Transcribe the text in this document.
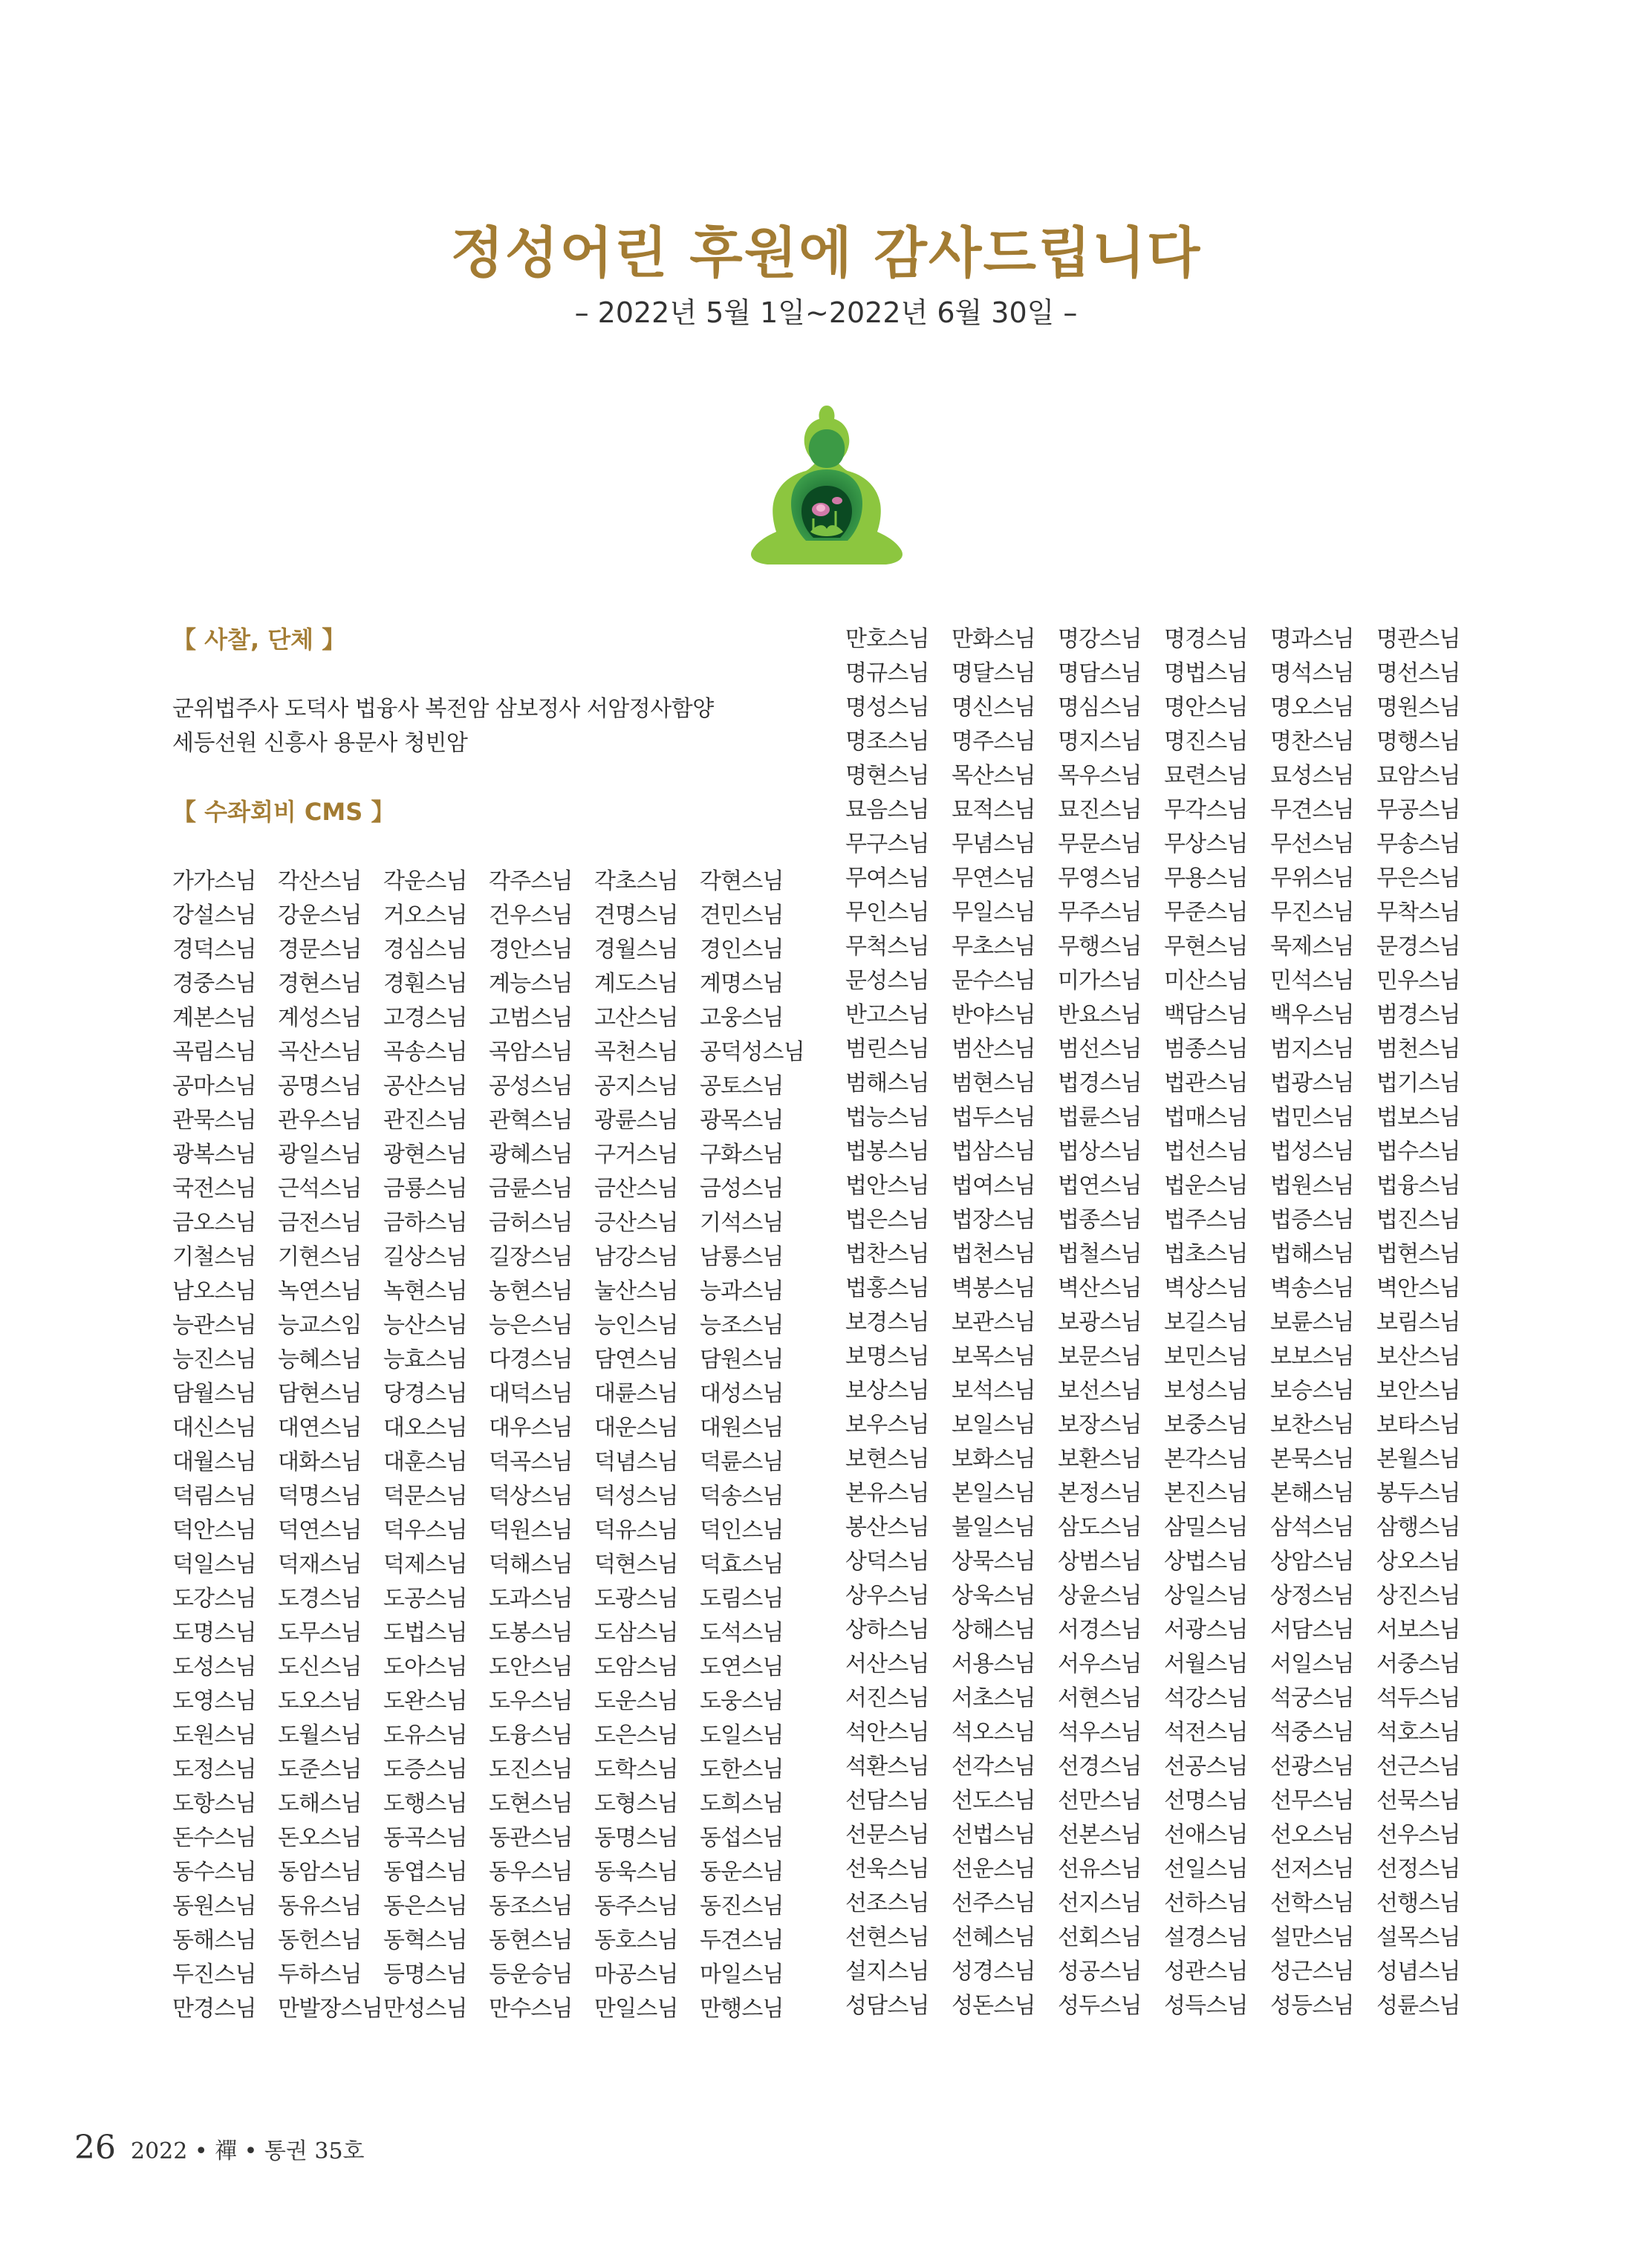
정성어린 후원에 감사드립니다
– 2022년 5월 1일~2022년 6월 30일 –
【 사찰, 단체 】
군위법주사 도덕사 법융사 복전암 삼보정사 서암정사함양
세등선원 신흥사 용문사 청빈암
【 수좌회비 CMS 】
가가스님 각산스님 각운스님 각주스님 각초스님 각현스님
강설스님 강운스님 거오스님 건우스님 견명스님 견민스님
경덕스님 경문스님 경심스님 경안스님 경월스님 경인스님
경중스님 경현스님 경훤스님 계능스님 계도스님 계명스님
계본스님 계성스님 고경스님 고범스님 고산스님 고웅스님
곡림스님 곡산스님 곡송스님 곡암스님 곡천스님 공덕성스님
공마스님 공명스님 공산스님 공성스님 공지스님 공토스님
관묵스님 관우스님 관진스님 관혁스님 광륜스님 광목스님
광복스님 광일스님 광현스님 광혜스님 구거스님 구화스님
국전스님 근석스님 금룡스님 금륜스님 금산스님 금성스님
금오스님 금전스님 금하스님 금허스님 긍산스님 기석스님
기철스님 기현스님 길상스님 길장스님 남강스님 남룡스님
남오스님 녹연스님 녹현스님 농현스님 눌산스님 능과스님
능관스님 능교스임 능산스님 능은스님 능인스님 능조스님
능진스님 능혜스님 능효스님 다경스님 담연스님 담원스님
담월스님 담현스님 당경스님 대덕스님 대륜스님 대성스님
대신스님 대연스님 대오스님 대우스님 대운스님 대원스님
대월스님 대화스님 대훈스님 덕곡스님 덕념스님 덕륜스님
덕림스님 덕명스님 덕문스님 덕상스님 덕성스님 덕송스님
덕안스님 덕연스님 덕우스님 덕원스님 덕유스님 덕인스님
덕일스님 덕재스님 덕제스님 덕해스님 덕현스님 덕효스님
도강스님 도경스님 도공스님 도과스님 도광스님 도림스님
도명스님 도무스님 도법스님 도봉스님 도삼스님 도석스님
도성스님 도신스님 도아스님 도안스님 도암스님 도연스님
도영스님 도오스님 도완스님 도우스님 도운스님 도웅스님
도원스님 도월스님 도유스님 도융스님 도은스님 도일스님
도정스님 도준스님 도증스님 도진스님 도학스님 도한스님
도항스님 도해스님 도행스님 도현스님 도형스님 도희스님
돈수스님 돈오스님 동곡스님 동관스님 동명스님 동섭스님
동수스님 동암스님 동엽스님 동우스님 동욱스님 동운스님
동원스님 동유스님 동은스님 동조스님 동주스님 동진스님
동해스님 동헌스님 동혁스님 동현스님 동호스님 두견스님
두진스님 두하스님 등명스님 등운승님 마공스님 마일스님
만경스님 만발장스님 만성스님 만수스님 만일스님 만행스님
만호스님	만화스님	명강스님	명경스님	명과스님	명관스님
명규스님	명달스님	명담스님	명법스님	명석스님	명선스님
명성스님	명신스님	명심스님	명안스님	명오스님	명원스님
명조스님	명주스님	명지스님	명진스님	명찬스님	명행스님
명현스님	목산스님	목우스님	묘련스님	묘성스님	묘암스님
묘음스님	묘적스님	묘진스님	무각스님	무견스님	무공스님
무구스님	무념스님	무문스님	무상스님	무선스님	무송스님
무여스님	무연스님	무영스님	무용스님	무위스님	무은스님
무인스님	무일스님	무주스님	무준스님	무진스님	무착스님
무척스님	무초스님	무행스님	무현스님	묵제스님	문경스님
문성스님	문수스님	미가스님	미산스님	민석스님	민우스님
반고스님	반야스님	반요스님	백담스님	백우스님	범경스님
범린스님	범산스님	범선스님	범종스님	범지스님	범천스님
범해스님	범현스님	법경스님	법관스님	법광스님	법기스님
법능스님	법두스님	법륜스님	법매스님	법민스님	법보스님
법봉스님	법삼스님	법상스님	법선스님	법성스님	법수스님
법안스님	법여스님	법연스님	법운스님	법원스님	법융스님
법은스님	법장스님	법종스님	법주스님	법증스님	법진스님
법찬스님	법천스님	법철스님	법초스님	법해스님	법현스님
법홍스님	벽봉스님	벽산스님	벽상스님	벽송스님	벽안스님
보경스님	보관스님	보광스님	보길스님	보륜스님	보림스님
보명스님	보목스님	보문스님	보민스님	보보스님	보산스님
보상스님	보석스님	보선스님	보성스님	보승스님	보안스님
보우스님	보일스님	보장스님	보중스님	보찬스님	보타스님
보현스님	보화스님	보환스님	본각스님	본묵스님	본월스님
본유스님	본일스님	본정스님	본진스님	본해스님	봉두스님
봉산스님	불일스님	삼도스님	삼밀스님	삼석스님	삼행스님
상덕스님	상묵스님	상범스님	상법스님	상암스님	상오스님
상우스님	상욱스님	상윤스님	상일스님	상정스님	상진스님
상하스님	상해스님	서경스님	서광스님	서담스님	서보스님
서산스님	서용스님	서우스님	서월스님	서일스님	서중스님
서진스님	서초스님	서현스님	석강스님	석궁스님	석두스님
석안스님	석오스님	석우스님	석전스님	석중스님	석호스님
석환스님	선각스님	선경스님	선공스님	선광스님	선근스님
선담스님	선도스님	선만스님	선명스님	선무스님	선묵스님
선문스님	선법스님	선본스님	선애스님	선오스님	선우스님
선욱스님	선운스님	선유스님	선일스님	선저스님	선정스님
선조스님	선주스님	선지스님	선하스님	선학스님	선행스님
선현스님	선혜스님	선회스님	설경스님	설만스님	설목스님
설지스님	성경스님	성공스님	성관스님	성근스님	성념스님
성담스님	성돈스님	성두스님	성득스님	성등스님	성륜스님
26 2022 • 禪 • 통권 35호
